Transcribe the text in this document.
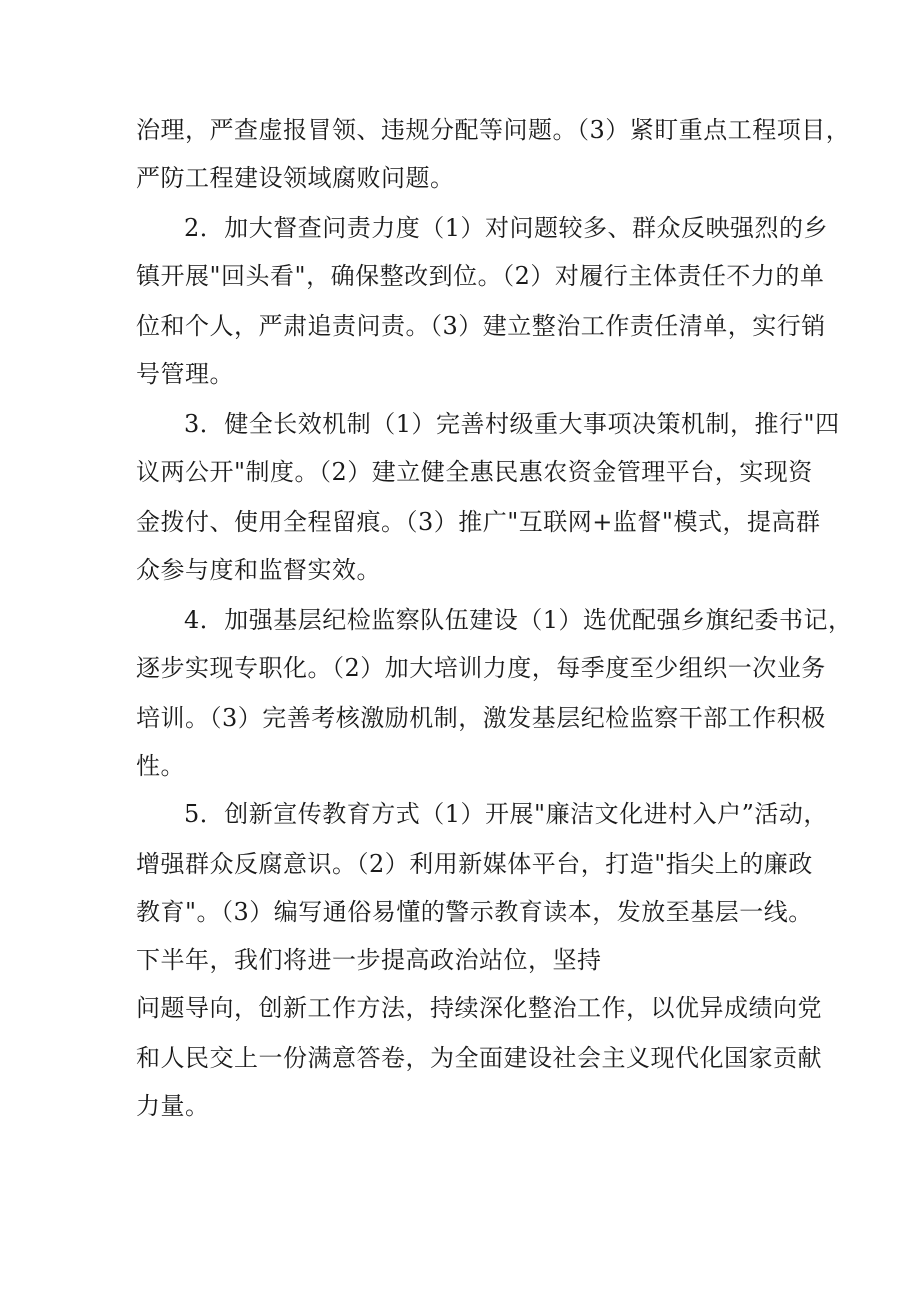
治理，严查虚报冒领、违规分配等问题。（3）紧盯重点工程项目，
严防工程建设领域腐败问题。
2．加大督查问责力度（1）对问题较多、群众反映强烈的乡
镇开展"回头看"，确保整改到位。（2）对履行主体责任不力的单
位和个人，严肃追责问责。（3）建立整治工作责任清单，实行销
号管理。
3．健全长效机制（1）完善村级重大事项决策机制，推行"四
议两公开"制度。（2）建立健全惠民惠农资金管理平台，实现资
金拨付、使用全程留痕。（3）推广"互联网+监督"模式，提高群
众参与度和监督实效。
4．加强基层纪检监察队伍建设（1）选优配强乡旗纪委书记，
逐步实现专职化。（2）加大培训力度，每季度至少组织一次业务
培训。（3）完善考核激励机制，激发基层纪检监察干部工作积极
性。
5．创新宣传教育方式（1）开展"廉洁文化进村入户”活动，
增强群众反腐意识。（2）利用新媒体平台，打造"指尖上的廉政
教育"。（3）编写通俗易懂的警示教育读本，发放至基层一线。
下半年，我们将进一步提高政治站位，坚持
问题导向，创新工作方法，持续深化整治工作，以优异成绩向党
和人民交上一份满意答卷，为全面建设社会主义现代化国家贡献
力量。
